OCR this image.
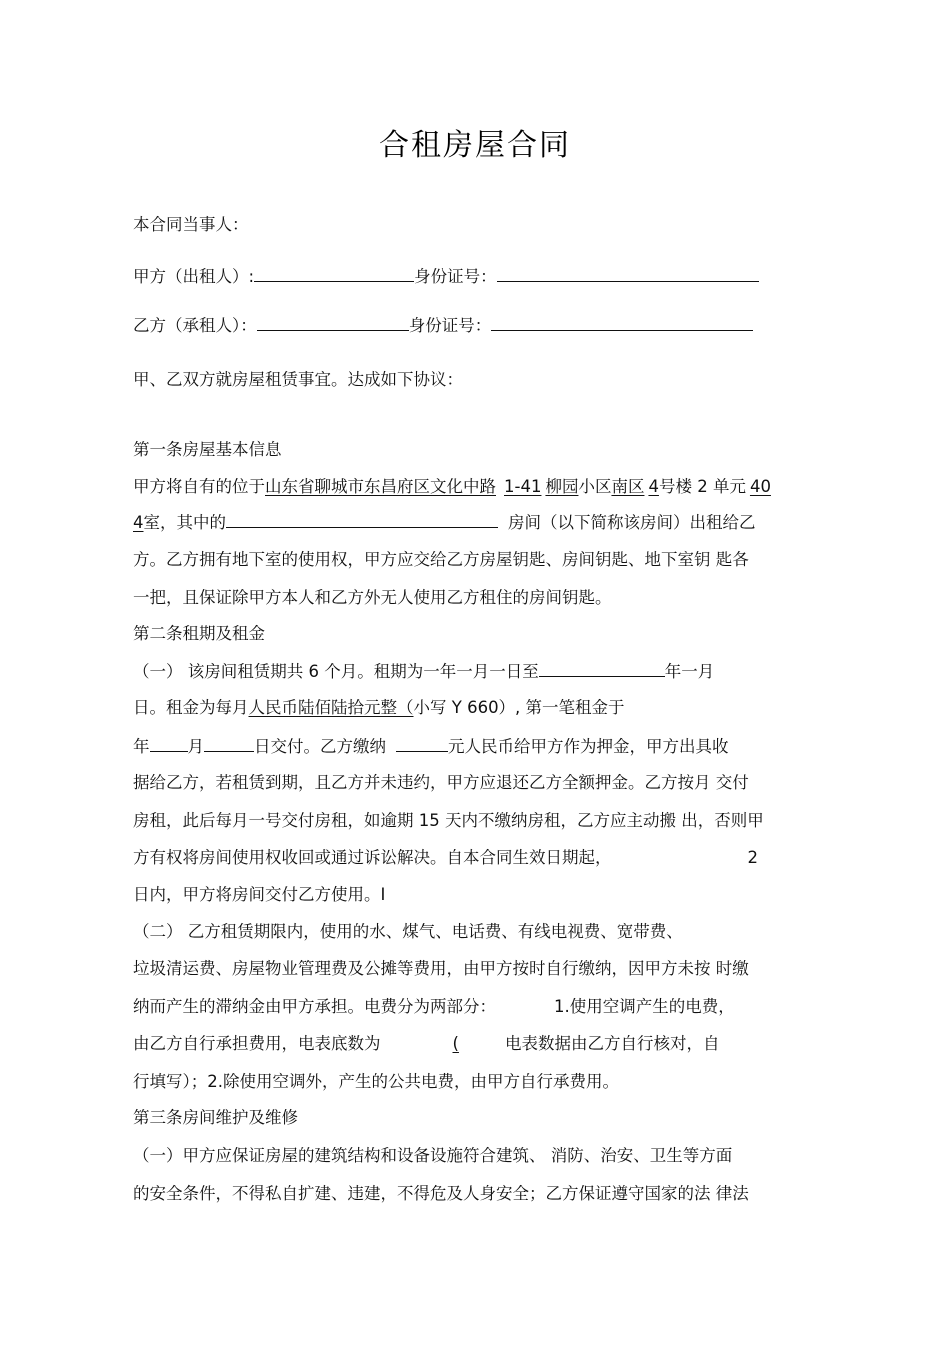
合租房屋合同
本合同当事人：
甲方（出租人）:	身份证号：
乙方（承租人）：	身份证号：
甲、乙双方就房屋租赁事宜。达成如下协议：
第一条房屋基本信息
甲方将自有的位于山东省聊城市东昌府区文化中路 1-41 柳园小区南区 4号楼 2 单元 40
4室，其中的	房间（以下简称该房间）出租给乙
方。乙方拥有地下室的使用权，甲方应交给乙方房屋钥匙、房间钥匙、地下室钥 匙各
一把，且保证除甲方本人和乙方外无人使用乙方租住的房间钥匙。
第二条租期及租金
（一） 该房间租赁期共 6 个月。租期为一年一月一日至	年一月
日。租金为每月人民币陆佰陆拾元整（小写 Y 660）, 第一笔租金于
年 月	日交付。乙方缴纳	元人民币给甲方作为押金，甲方出具收
据给乙方，若租赁到期，且乙方并未违约，甲方应退还乙方全额押金。乙方按月 交付
房租，此后每月一号交付房租，如逾期 15 天内不缴纳房租，乙方应主动搬 出，否则甲
方有权将房间使用权收回或通过诉讼解决。自本合同生效日期起，	2
日内，甲方将房间交付乙方使用。I
（二） 乙方租赁期限内，使用的水、煤气、电话费、有线电视费、宽带费、
垃圾清运费、房屋物业管理费及公摊等费用，由甲方按时自行缴纳，因甲方未按 时缴
纳而产生的滞纳金由甲方承担。电费分为两部分：	1.使用空调产生的电费，
由乙方自行承担费用，电表底数为	(	电表数据由乙方自行核对，自
行填写）；2.除使用空调外，产生的公共电费，由甲方自行承费用。
第三条房间维护及维修
（一）甲方应保证房屋的建筑结构和设备设施符合建筑、 消防、治安、卫生等方面
的安全条件，不得私自扩建、违建，不得危及人身安全；乙方保证遵守国家的法 律法
